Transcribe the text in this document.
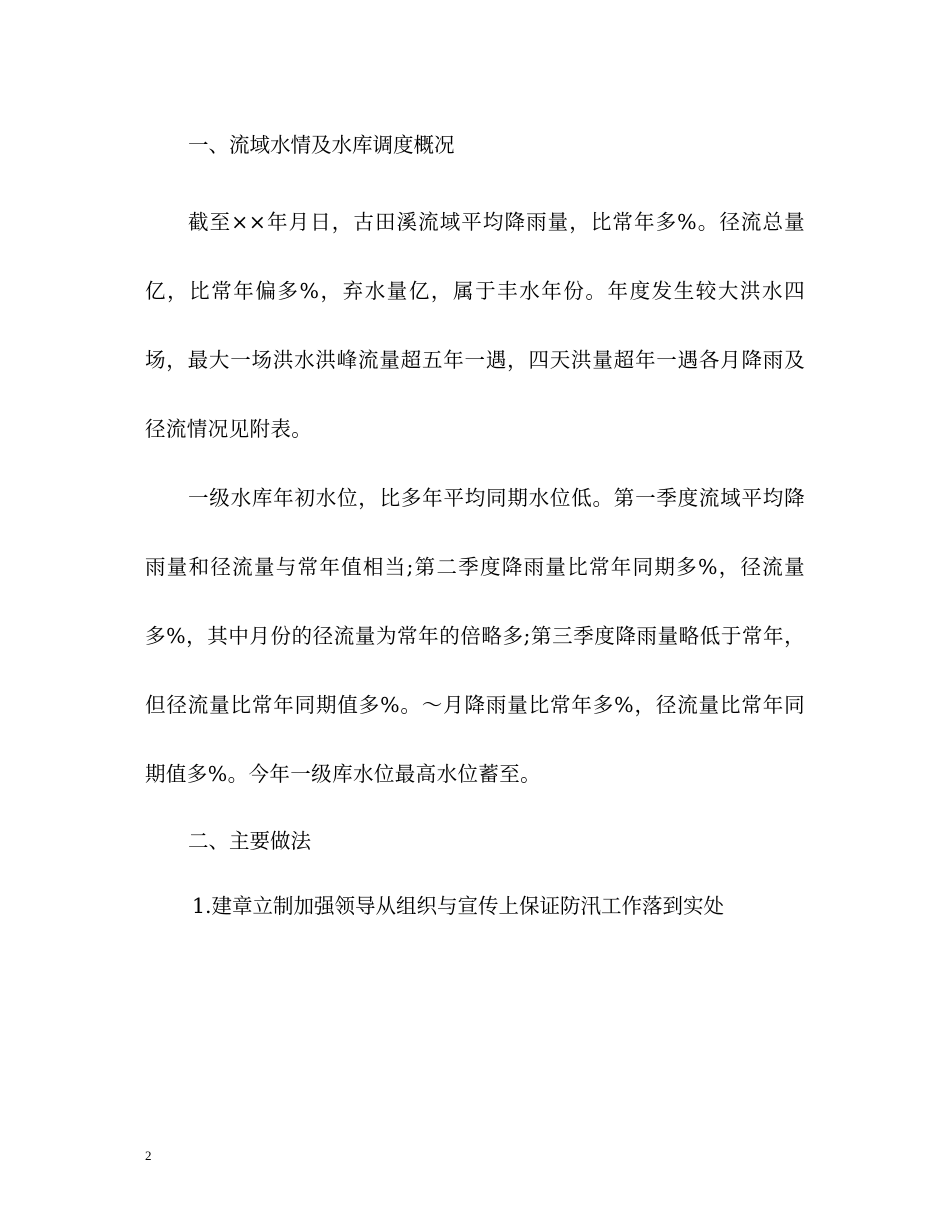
一、流域水情及水库调度概况

截至××年月日，古田溪流域平均降雨量，比常年多%。径流总量亿，比常年偏多%，弃水量亿，属于丰水年份。年度发生较大洪水四场，最大一场洪水洪峰流量超五年一遇，四天洪量超年一遇各月降雨及径流情况见附表。

一级水库年初水位，比多年平均同期水位低。第一季度流域平均降雨量和径流量与常年值相当;第二季度降雨量比常年同期多%，径流量多%，其中月份的径流量为常年的倍略多;第三季度降雨量略低于常年，但径流量比常年同期值多%。～月降雨量比常年多%，径流量比常年同期值多%。今年一级库水位最高水位蓄至。

二、主要做法
1.建章立制加强领导从组织与宣传上保证防汛工作落到实处
2
